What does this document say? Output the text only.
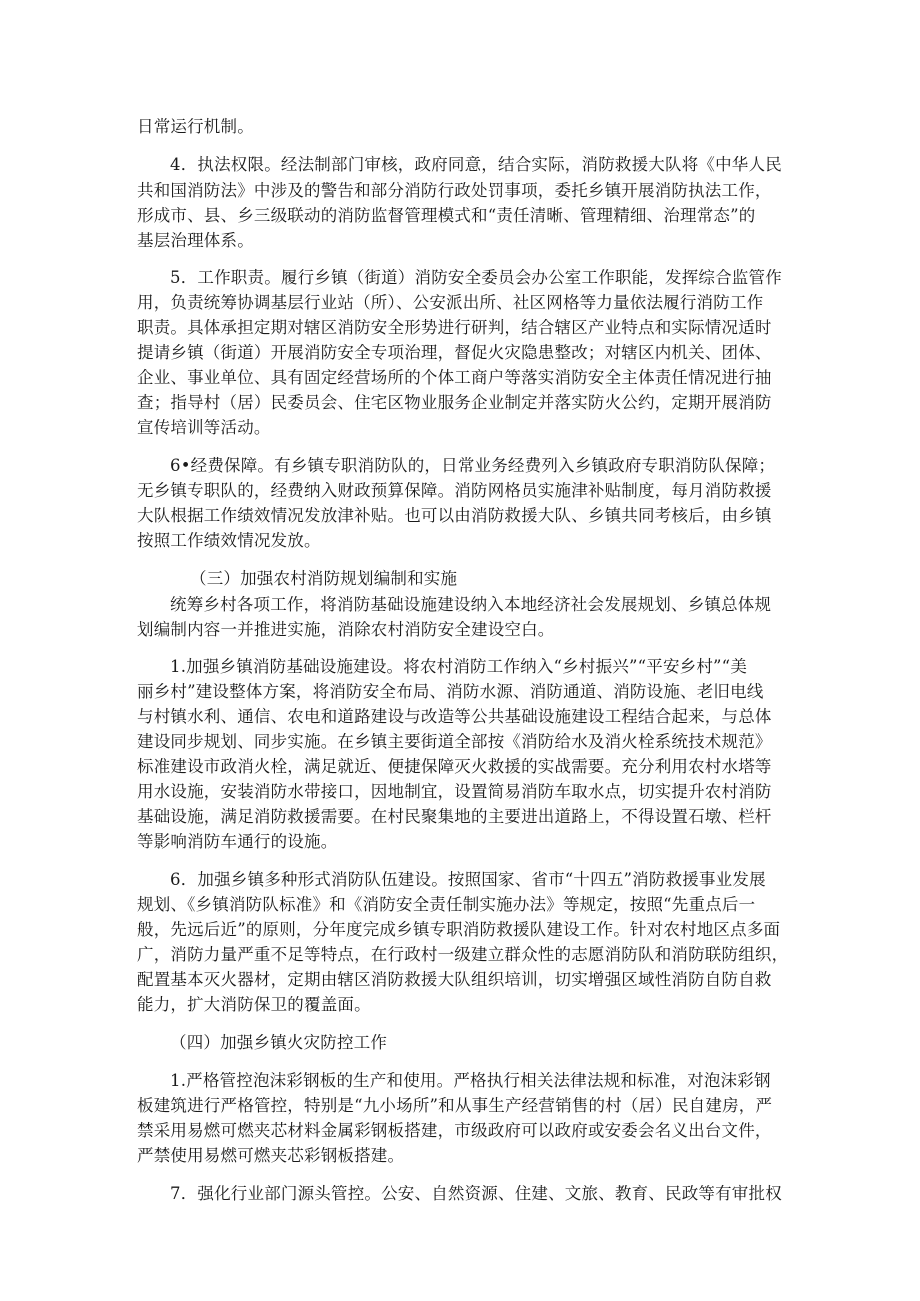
日常运行机制。
4．执法权限。经法制部门审核，政府同意，结合实际，消防救援大队将《中华人民
共和国消防法》中涉及的警告和部分消防行政处罚事项，委托乡镇开展消防执法工作，
形成市、县、乡三级联动的消防监督管理模式和“责任清晰、管理精细、治理常态”的
基层治理体系。
5．工作职责。履行乡镇（街道）消防安全委员会办公室工作职能，发挥综合监管作
用，负责统筹协调基层行业站（所）、公安派出所、社区网格等力量依法履行消防工作
职责。具体承担定期对辖区消防安全形势进行研判，结合辖区产业特点和实际情况适时
提请乡镇（街道）开展消防安全专项治理，督促火灾隐患整改；对辖区内机关、团体、
企业、事业单位、具有固定经营场所的个体工商户等落实消防安全主体责任情况进行抽
查；指导村（居）民委员会、住宅区物业服务企业制定并落实防火公约，定期开展消防
宣传培训等活动。
6•经费保障。有乡镇专职消防队的，日常业务经费列入乡镇政府专职消防队保障；
无乡镇专职队的，经费纳入财政预算保障。消防网格员实施津补贴制度，每月消防救援
大队根据工作绩效情况发放津补贴。也可以由消防救援大队、乡镇共同考核后，由乡镇
按照工作绩效情况发放。
（三）加强农村消防规划编制和实施
统筹乡村各项工作，将消防基础设施建设纳入本地经济社会发展规划、乡镇总体规
划编制内容一并推进实施，消除农村消防安全建设空白。
1.加强乡镇消防基础设施建设。将农村消防工作纳入“乡村振兴”“平安乡村”“美
丽乡村”建设整体方案，将消防安全布局、消防水源、消防通道、消防设施、老旧电线
与村镇水利、通信、农电和道路建设与改造等公共基础设施建设工程结合起来，与总体
建设同步规划、同步实施。在乡镇主要街道全部按《消防给水及消火栓系统技术规范》
标准建设市政消火栓，满足就近、便捷保障灭火救援的实战需要。充分利用农村水塔等
用水设施，安装消防水带接口，因地制宜，设置简易消防车取水点，切实提升农村消防
基础设施，满足消防救援需要。在村民聚集地的主要进出道路上，不得设置石墩、栏杆
等影响消防车通行的设施。
6．加强乡镇多种形式消防队伍建设。按照国家、省市“十四五”消防救援事业发展
规划、《乡镇消防队标准》和《消防安全责任制实施办法》等规定，按照“先重点后一
般，先远后近”的原则，分年度完成乡镇专职消防救援队建设工作。针对农村地区点多面
广，消防力量严重不足等特点，在行政村一级建立群众性的志愿消防队和消防联防组织，
配置基本灭火器材，定期由辖区消防救援大队组织培训，切实增强区域性消防自防自救
能力，扩大消防保卫的覆盖面。
（四）加强乡镇火灾防控工作
1.严格管控泡沫彩钢板的生产和使用。严格执行相关法律法规和标准，对泡沫彩钢
板建筑进行严格管控，特别是“九小场所”和从事生产经营销售的村（居）民自建房，严
禁采用易燃可燃夹芯材料金属彩钢板搭建，市级政府可以政府或安委会名义出台文件，
严禁使用易燃可燃夹芯彩钢板搭建。
7．强化行业部门源头管控。公安、自然资源、住建、文旅、教育、民政等有审批权
